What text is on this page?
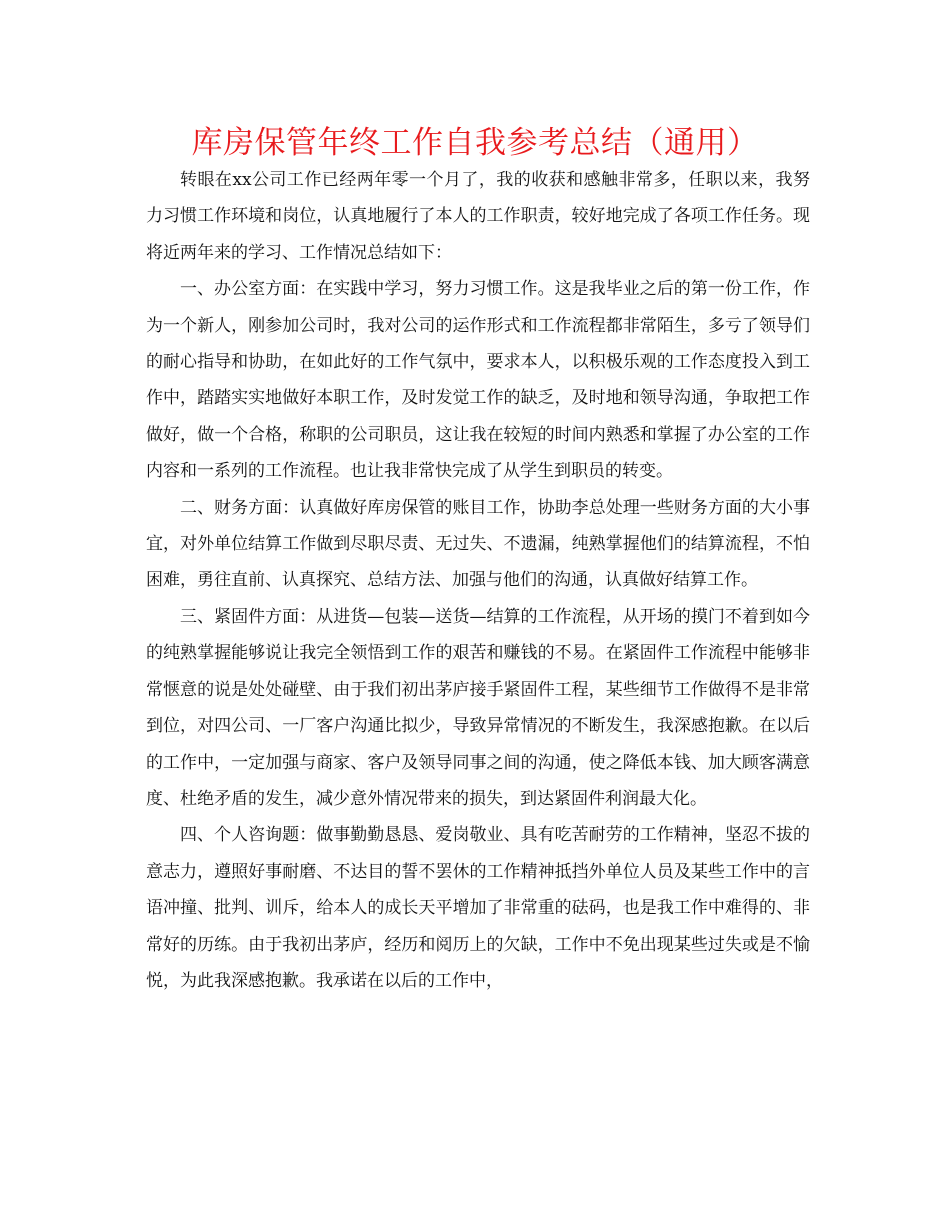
库房保管年终工作自我参考总结（通用）

转眼在xx公司工作已经两年零一个月了，我的收获和感触非常多，任职以来，我努力习惯工作环境和岗位，认真地履行了本人的工作职责，较好地完成了各项工作任务。现将近两年来的学习、工作情况总结如下：

一、办公室方面：在实践中学习，努力习惯工作。这是我毕业之后的第一份工作，作为一个新人，刚参加公司时，我对公司的运作形式和工作流程都非常陌生，多亏了领导们的耐心指导和协助，在如此好的工作气氛中，要求本人，以积极乐观的工作态度投入到工作中，踏踏实实地做好本职工作，及时发觉工作的缺乏，及时地和领导沟通，争取把工作做好，做一个合格，称职的公司职员，这让我在较短的时间内熟悉和掌握了办公室的工作内容和一系列的工作流程。也让我非常快完成了从学生到职员的转变。

二、财务方面：认真做好库房保管的账目工作，协助李总处理一些财务方面的大小事宜，对外单位结算工作做到尽职尽责、无过失、不遗漏，纯熟掌握他们的结算流程，不怕困难，勇往直前、认真探究、总结方法、加强与他们的沟通，认真做好结算工作。

三、紧固件方面：从进货—包装—送货—结算的工作流程，从开场的摸门不着到如今的纯熟掌握能够说让我完全领悟到工作的艰苦和赚钱的不易。在紧固件工作流程中能够非常惬意的说是处处碰壁、由于我们初出茅庐接手紧固件工程，某些细节工作做得不是非常到位，对四公司、一厂客户沟通比拟少，导致异常情况的不断发生，我深感抱歉。在以后的工作中，一定加强与商家、客户及领导同事之间的沟通，使之降低本钱、加大顾客满意度、杜绝矛盾的发生，减少意外情况带来的损失，到达紧固件利润最大化。

四、个人咨询题：做事勤勤恳恳、爱岗敬业、具有吃苦耐劳的工作精神，坚忍不拔的意志力，遵照好事耐磨、不达目的誓不罢休的工作精神抵挡外单位人员及某些工作中的言语冲撞、批判、训斥，给本人的成长天平增加了非常重的砝码，也是我工作中难得的、非常好的历练。由于我初出茅庐，经历和阅历上的欠缺，工作中不免出现某些过失或是不愉悦，为此我深感抱歉。我承诺在以后的工作中，
